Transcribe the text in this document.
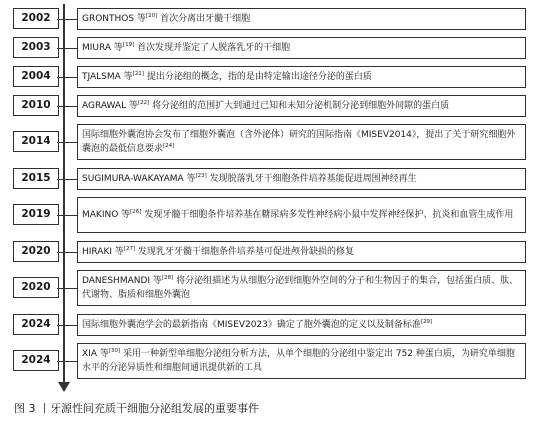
2002	GRONTHOS 等[20] 首次分离出牙髓干细胞
2003	MIURA 等[19] 首次发现并鉴定了人脱落乳牙的干细胞
2004	TJALSMA 等[21] 提出分泌组的概念，指的是由特定输出途径分泌的蛋白质
2010	AGRAWAL 等[22] 将分泌组的范围扩大到通过已知和未知分泌机制分泌到细胞外间隙的蛋白质
2014	国际细胞外囊泡协会发布了细胞外囊泡（含外泌体）研究的国际指南《MISEV2014》，提出了关于研究细胞外囊泡的最低信息要求[24]
2015	SUGIMURA-WAKAYAMA 等[23] 发现脱落乳牙干细胞条件培养基能促进周围神经再生
2019	MAKINO 等[26] 发现牙髓干细胞条件培养基在糖尿病多发性神经病小鼠中发挥神经保护、抗炎和血管生成作用
2020	HIRAKI 等[27] 发现乳牙牙髓干细胞条件培养基可促进颅骨缺损的修复
2020	DANESHMANDI 等[28] 将分泌组描述为从细胞分泌到细胞外空间的分子和生物因子的集合，包括蛋白质、肽、代谢物、脂质和细胞外囊泡
2024	国际细胞外囊泡学会的最新指南《MISEV2023》确定了胞外囊泡的定义以及制备标准[29]
2024	XIA 等[30] 采用一种新型单细胞分泌组分析方法，从单个细胞的分泌组中鉴定出 752 种蛋白质，为研究单细胞水平的分泌异质性和细胞间通讯提供新的工具
图 3 丨牙源性间充质干细胞分泌组发展的重要事件
